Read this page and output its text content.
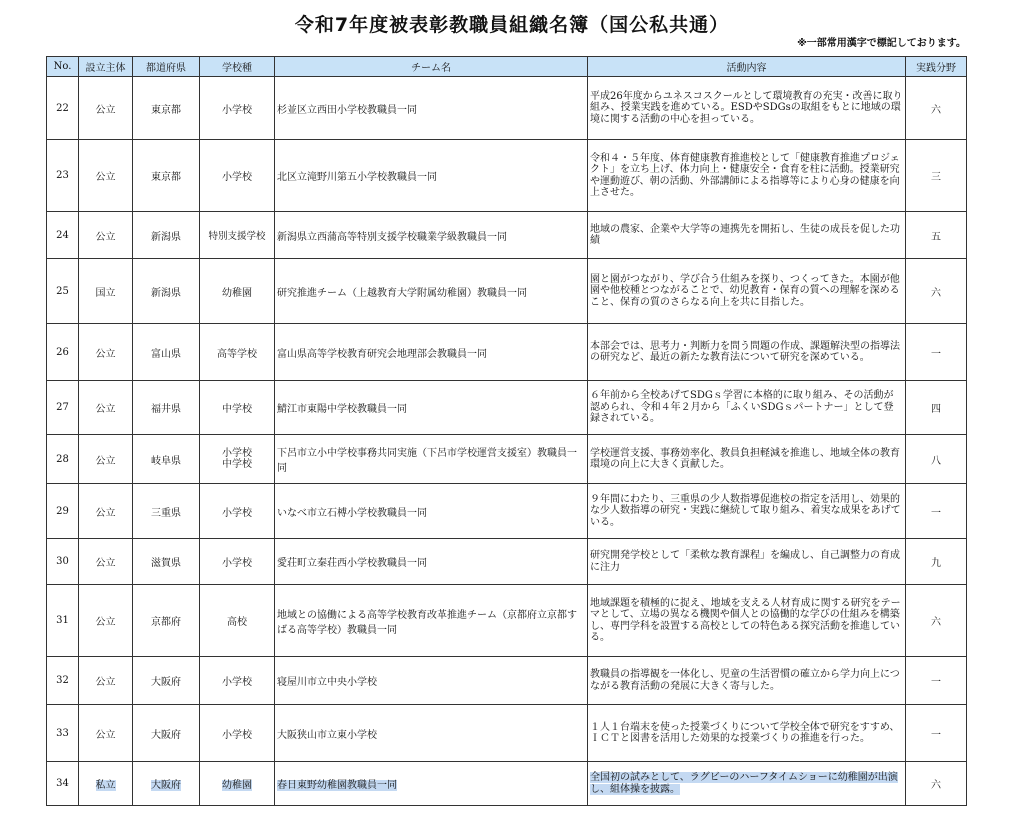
令和7年度被表彰教職員組織名簿（国公私共通）
※一部常用漢字で標記しております。
No.	設立主体	都道府県	学校種	チーム名	活動内容	実践分野
22	公立	東京都	小学校	杉並区立西田小学校教職員一同	平成26年度からユネスコスクールとして環境教育の充実・改善に取り組み、授業実践を進めている。ESDやSDGsの取組をもとに地域の環境に関する活動の中心を担っている。	六
23	公立	東京都	小学校	北区立滝野川第五小学校教職員一同	令和４・５年度、体育健康教育推進校として「健康教育推進プロジェクト」を立ち上げ、体力向上・健康安全・食育を柱に活動。授業研究や運動遊び、朝の活動、外部講師による指導等により心身の健康を向上させた。	三
24	公立	新潟県	特別支援学校	新潟県立西蒲高等特別支援学校職業学級教職員一同	地域の農家、企業や大学等の連携先を開拓し、生徒の成長を促した功績	五
25	国立	新潟県	幼稚園	研究推進チーム（上越教育大学附属幼稚園）教職員一同	園と園がつながり、学び合う仕組みを探り、つくってきた。本園が他園や他校種とつながることで、幼児教育・保育の質への理解を深めること、保育の質のさらなる向上を共に目指した。	六
26	公立	富山県	高等学校	富山県高等学校教育研究会地理部会教職員一同	本部会では、思考力・判断力を問う問題の作成、課題解決型の指導法の研究など、最近の新たな教育法について研究を深めている。	一
27	公立	福井県	中学校	鯖江市東陽中学校教職員一同	６年前から全校あげてSDGｓ学習に本格的に取り組み、その活動が認められ、令和４年２月から「ふくいSDGｓパートナー」として登録されている。	四
28	公立	岐阜県	小学校 中学校	下呂市立小中学校事務共同実施（下呂市学校運営支援室）教職員一同	学校運営支援、事務効率化、教員負担軽減を推進し、地域全体の教育環境の向上に大きく貢献した。	八
29	公立	三重県	小学校	いなべ市立石榑小学校教職員一同	９年間にわたり、三重県の少人数指導促進校の指定を活用し、効果的な少人数指導の研究・実践に継続して取り組み、着実な成果をあげている。	一
30	公立	滋賀県	小学校	愛荘町立秦荘西小学校教職員一同	研究開発学校として「柔軟な教育課程」を編成し、自己調整力の育成に注力	九
31	公立	京都府	高校	地域との協働による高等学校教育改革推進チーム（京都府立京都すばる高等学校）教職員一同	地域課題を積極的に捉え、地域を支える人材育成に関する研究をテーマとして、立場の異なる機関や個人との協働的な学びの仕組みを構築し、専門学科を設置する高校としての特色ある探究活動を推進している。	六
32	公立	大阪府	小学校	寝屋川市立中央小学校	教職員の指導観を一体化し、児童の生活習慣の確立から学力向上につながる教育活動の発展に大きく寄与した。	一
33	公立	大阪府	小学校	大阪狭山市立東小学校	１人１台端末を使った授業づくりについて学校全体で研究をすすめ、ＩＣＴと図書を活用した効果的な授業づくりの推進を行った。	一
34	私立	大阪府	幼稚園	春日東野幼稚園教職員一同	全国初の試みとして、ラグビーのハーフタイムショーに幼稚園が出演し、組体操を披露。	六
